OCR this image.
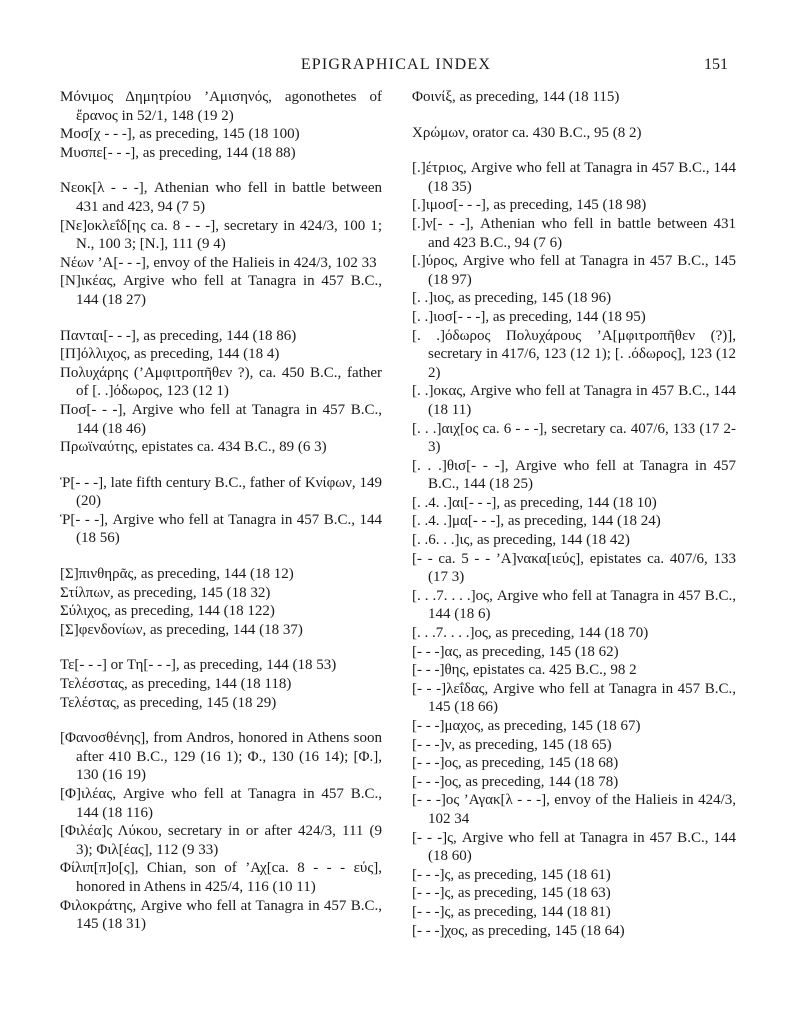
EPIGRAPHICAL INDEX	151
Μόνιμος Δημητρίου ’Αμισηνός, agonothetes of ἔρανος in 52/1, 148 (19 2)
Μοσ[χ - - -], as preceding, 145 (18 100)
Μυσπε[- - -], as preceding, 144 (18 88)
Νεοκ[λ - - -], Athenian who fell in battle between 431 and 423, 94 (7 5)
[Νε]οκλεΐδ[ης ca. 8 - - -], secretary in 424/3, 100 1; Ν., 100 3; [Ν.], 111 (9 4)
Νέων ’Α[- - -], envoy of the Halieis in 424/3, 102 33
[Ν]ικέας, Argive who fell at Tanagra in 457 B.C., 144 (18 27)
Πανται[- - -], as preceding, 144 (18 86)
[Π]όλλιχος, as preceding, 144 (18 4)
Πολυχάρης (’Αμφιτροπῆθεν ?), ca. 450 B.C., father of [. .]όδωρος, 123 (12 1)
Ποσ[- - -], Argive who fell at Tanagra in 457 B.C., 144 (18 46)
Πρωϊναύτης, epistates ca. 434 B.C., 89 (6 3)
Ῥ[- - -], late fifth century B.C., father of Κνίφων, 149 (20)
Ῥ[- - -], Argive who fell at Tanagra in 457 B.C., 144 (18 56)
[Σ]πινθηρᾶς, as preceding, 144 (18 12)
Στίλπων, as preceding, 145 (18 32)
Σύλιχος, as preceding, 144 (18 122)
[Σ]φενδονίων, as preceding, 144 (18 37)
Τε[- - -] or Τη[- - -], as preceding, 144 (18 53)
Τελέσστας, as preceding, 144 (18 118)
Τελέστας, as preceding, 145 (18 29)
[Φανοσθένης], from Andros, honored in Athens soon after 410 B.C., 129 (16 1); Φ., 130 (16 14); [Φ.], 130 (16 19)
[Φ]ιλέας, Argive who fell at Tanagra in 457 B.C., 144 (18 116)
[Φιλέα]ς Λύκου, secretary in or after 424/3, 111 (9 3); Φιλ[έας], 112 (9 33)
Φίλιπ[π]ο[ς], Chian, son of ’Αχ[ca. 8 - - - εύς], honored in Athens in 425/4, 116 (10 11)
Φιλοκράτης, Argive who fell at Tanagra in 457 B.C., 145 (18 31)
Φοινίξ, as preceding, 144 (18 115)
Χρώμων, orator ca. 430 B.C., 95 (8 2)
[.]έτριος, Argive who fell at Tanagra in 457 B.C., 144 (18 35)
[.]ιμοσ[- - -], as preceding, 145 (18 98)
[.]ν[- - -], Athenian who fell in battle between 431 and 423 B.C., 94 (7 6)
[.]ύρος, Argive who fell at Tanagra in 457 B.C., 145 (18 97)
[. .]ιος, as preceding, 145 (18 96)
[. .]ιοσ[- - -], as preceding, 144 (18 95)
[. .]όδωρος Πολυχάρους ’Α[μφιτροπῆθεν (?)], secretary in 417/6, 123 (12 1); [. .όδωρος], 123 (12 2)
[. .]οκας, Argive who fell at Tanagra in 457 B.C., 144 (18 11)
[. . .]αιχ[ος ca. 6 - - -], secretary ca. 407/6, 133 (17 2-3)
[. . .]θισ[- - -], Argive who fell at Tanagra in 457 B.C., 144 (18 25)
[. .4. .]αι[- - -], as preceding, 144 (18 10)
[. .4. .]μα[- - -], as preceding, 144 (18 24)
[. .6. . .]ις, as preceding, 144 (18 42)
[- - ca. 5 - - ’Α]νακα[ιεύς], epistates ca. 407/6, 133 (17 3)
[. . .7. . . .]ος, Argive who fell at Tanagra in 457 B.C., 144 (18 6)
[. . .7. . . .]ος, as preceding, 144 (18 70)
[- - -]ας, as preceding, 145 (18 62)
[- - -]θης, epistates ca. 425 B.C., 98 2
[- - -]λεΐδας, Argive who fell at Tanagra in 457 B.C., 145 (18 66)
[- - -]μαχος, as preceding, 145 (18 67)
[- - -]ν, as preceding, 145 (18 65)
[- - -]ος, as preceding, 145 (18 68)
[- - -]ος, as preceding, 144 (18 78)
[- - -]ος ’Αγακ[λ - - -], envoy of the Halieis in 424/3, 102 34
[- - -]ς, Argive who fell at Tanagra in 457 B.C., 144 (18 60)
[- - -]ς, as preceding, 145 (18 61)
[- - -]ς, as preceding, 145 (18 63)
[- - -]ς, as preceding, 144 (18 81)
[- - -]χος, as preceding, 145 (18 64)
